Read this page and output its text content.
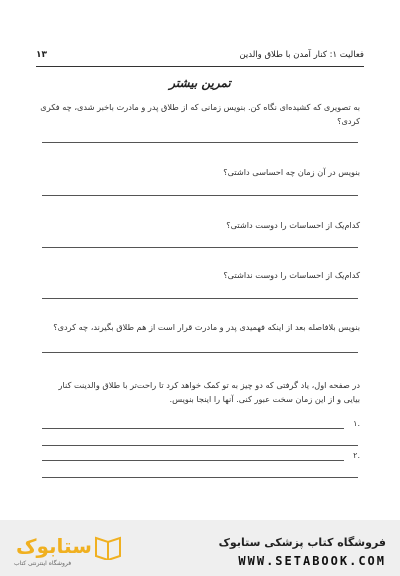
فعالیت ۱: کنار آمدن با طلاق والدین
۱۳
تمرین بیشتر
به تصویری که کشیده‌ای نگاه کن. بنویس زمانی که از طلاق پدر و مادرت باخبر شدی، چه فکری کردی؟
بنویس در آن زمان چه احساسی داشتی؟
کدام‌یک از احساسات را دوست داشتی؟
کدام‌یک از احساسات را دوست نداشتی؟
بنویس بلافاصله بعد از اینکه فهمیدی پدر و مادرت قرار است از هم طلاق بگیرند، چه کردی؟
در صفحه اول، یاد گرفتی که دو چیز به تو کمک خواهد کرد تا راحت‌تر با طلاق والدینت کنار بیایی و از این زمان سخت عبور کنی. آنها را اینجا بنویس.
۱.
۲.
ستابوک
فروشگاه اینترنتی کتاب
فروشگاه کتاب پزشکی ستابوک
WWW.SETABOOK.COM
